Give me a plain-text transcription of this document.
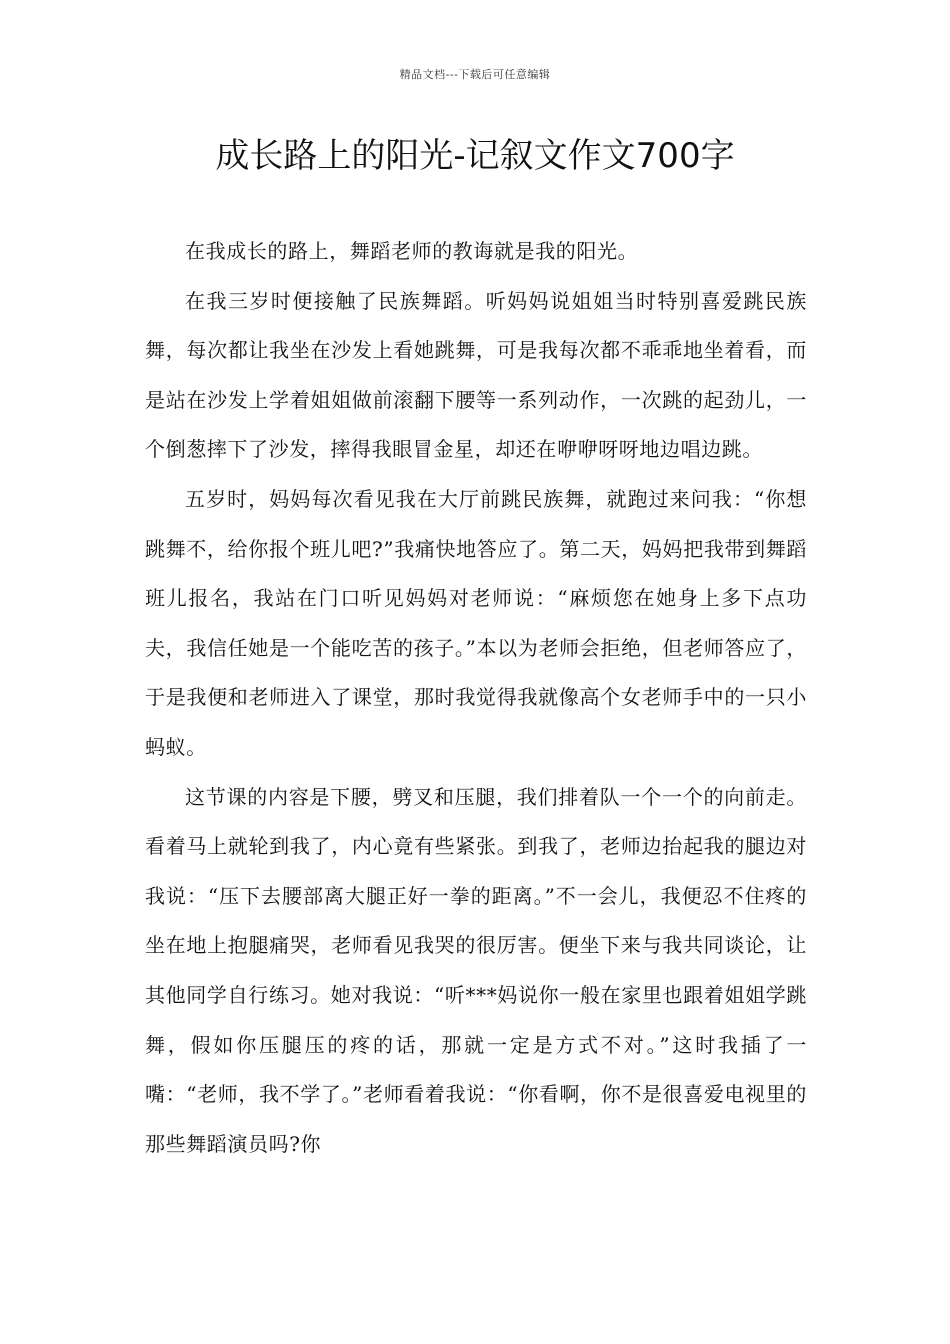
精品文档---下载后可任意编辑
成长路上的阳光-记叙文作文700字

在我成长的路上，舞蹈老师的教诲就是我的阳光。

在我三岁时便接触了民族舞蹈。听妈妈说姐姐当时特别喜爱跳民族舞，每次都让我坐在沙发上看她跳舞，可是我每次都不乖乖地坐着看，而是站在沙发上学着姐姐做前滚翻下腰等一系列动作，一次跳的起劲儿，一个倒葱摔下了沙发，摔得我眼冒金星，却还在咿咿呀呀地边唱边跳。

五岁时，妈妈每次看见我在大厅前跳民族舞，就跑过来问我：“你想跳舞不，给你报个班儿吧?”我痛快地答应了。第二天，妈妈把我带到舞蹈班儿报名，我站在门口听见妈妈对老师说：“麻烦您在她身上多下点功夫，我信任她是一个能吃苦的孩子。”本以为老师会拒绝，但老师答应了，于是我便和老师进入了课堂，那时我觉得我就像高个女老师手中的一只小蚂蚁。

这节课的内容是下腰，劈叉和压腿，我们排着队一个一个的向前走。看着马上就轮到我了，内心竟有些紧张。到我了，老师边抬起我的腿边对我说：“压下去腰部离大腿正好一拳的距离。”不一会儿，我便忍不住疼的坐在地上抱腿痛哭，老师看见我哭的很厉害。便坐下来与我共同谈论，让其他同学自行练习。她对我说：“听***妈说你一般在家里也跟着姐姐学跳舞，假如你压腿压的疼的话，那就一定是方式不对。”这时我插了一嘴：“老师，我不学了。”老师看着我说：“你看啊，你不是很喜爱电视里的那些舞蹈演员吗?你
